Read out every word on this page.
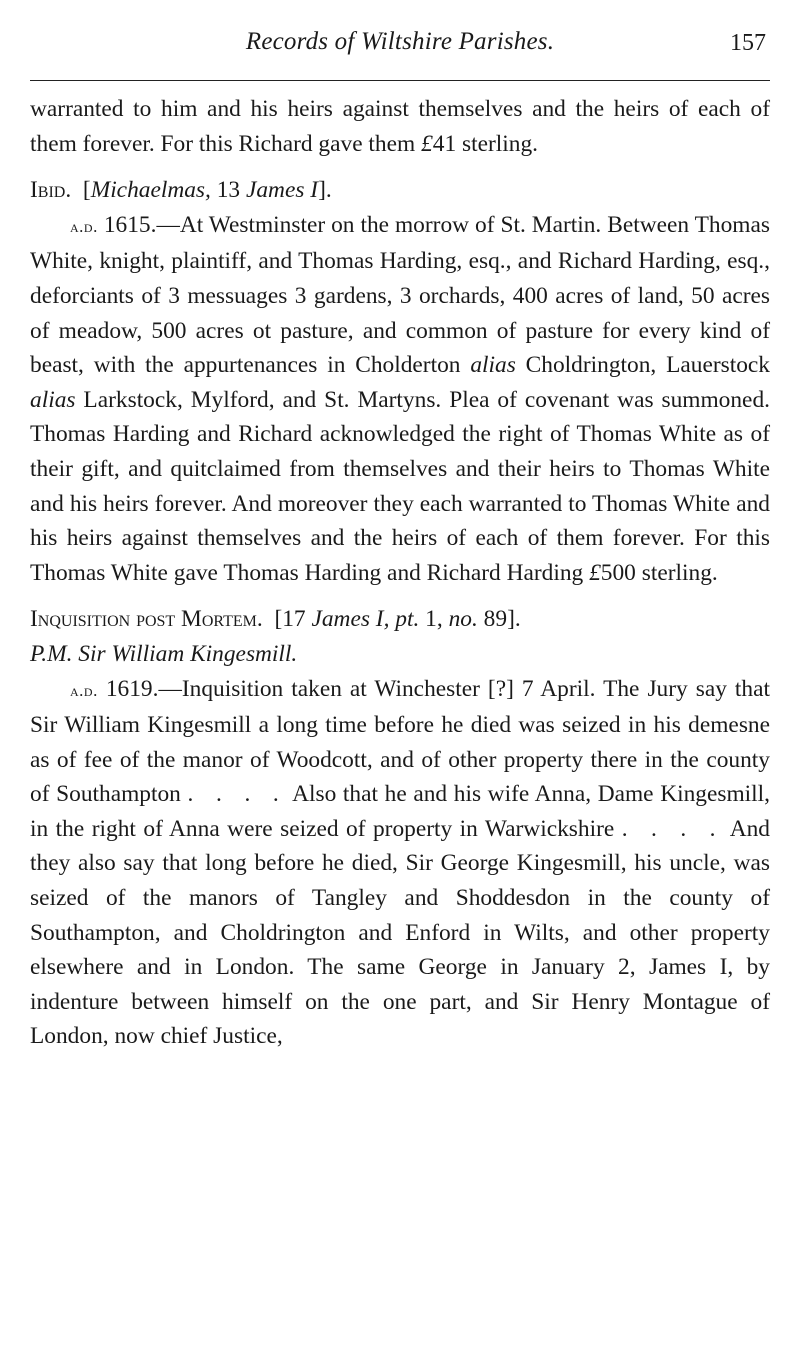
Records of Wiltshire Parishes.	157

warranted to him and his heirs against themselves and the heirs of each of them forever. For this Richard gave them £41 sterling.

Ibid. [Michaelmas, 13 James I].

a.d. 1615.—At Westminster on the morrow of St. Martin. Between Thomas White, knight, plaintiff, and Thomas Harding, esq., and Richard Harding, esq., deforciants of 3 messuages 3 gardens, 3 orchards, 400 acres of land, 50 acres of meadow, 500 acres ot pasture, and common of pasture for every kind of beast, with the appurtenances in Cholderton alias Choldrington, Lauerstock alias Larkstock, Mylford, and St. Martyns. Plea of covenant was summoned. Thomas Harding and Richard acknowledged the right of Thomas White as of their gift, and quitclaimed from themselves and their heirs to Thomas White and his heirs forever. And moreover they each warranted to Thomas White and his heirs against themselves and the heirs of each of them forever. For this Thomas White gave Thomas Harding and Richard Harding £500 sterling.

Inquisition post Mortem. [17 James I, pt. 1, no. 89].

P.M. Sir William Kingesmill.

a.d. 1619.—Inquisition taken at Winchester [?] 7 April. The Jury say that Sir William Kingesmill a long time before he died was seized in his demesne as of fee of the manor of Woodcott, and of other property there in the county of Southampton . . . . Also that he and his wife Anna, Dame Kingesmill, in the right of Anna were seized of property in Warwickshire . . . . And they also say that long before he died, Sir George Kingesmill, his uncle, was seized of the manors of Tangley and Shoddesdon in the county of Southampton, and Choldrington and Enford in Wilts, and other property elsewhere and in London. The same George in January 2, James I, by indenture between himself on the one part, and Sir Henry Montague of London, now chief Justice,
